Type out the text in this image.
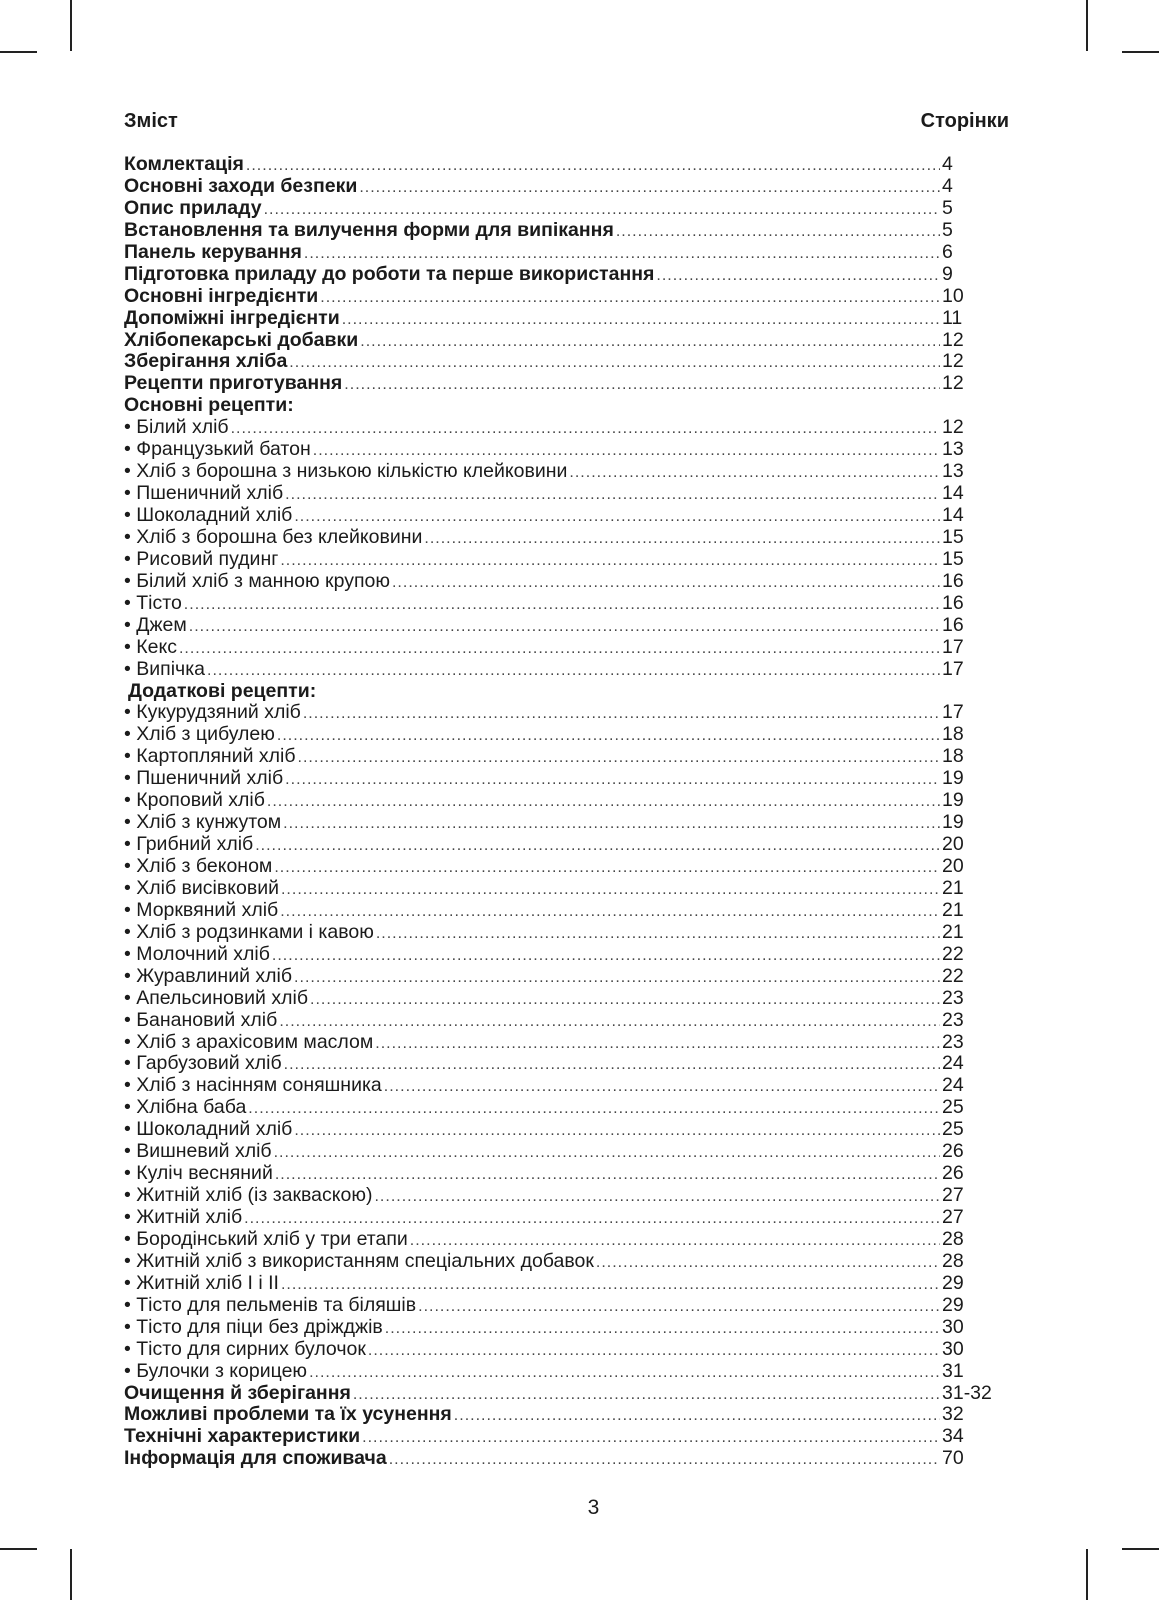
Зміст	Сторінки
Комлектація .....	4
Основні заходи безпеки .....	4
Опис приладу .....	5
Встановлення та вилучення форми для випікання .....	5
Панель керування .....	6
Підготовка приладу до роботи та перше використання .....	9
Основні інгредієнти .....	10
Допоміжні інгредієнти .....	11
Хлібопекарські добавки .....	12
Зберігання хліба .....	12
Рецепти приготування .....	12
Основні рецепти:
• Білий хліб .....	12
• Французький батон .....	13
• Хліб з борошна з низькою кількістю клейковини .....	13
• Пшеничний хліб .....	14
• Шоколадний хліб .....	14
• Хліб з борошна без клейковини .....	15
• Рисовий пудинг .....	15
• Білий хліб з манною крупою .....	16
• Тісто .....	16
• Джем .....	16
• Кекс .....	17
• Випічка .....	17
Додаткові рецепти:
• Кукурудзяний хліб .....	17
• Хліб з цибулею .....	18
• Картопляний хліб .....	18
• Пшеничний хліб .....	19
• Кроповий хліб .....	19
• Хліб з кунжутом .....	19
• Грибний хліб .....	20
• Хліб з беконом .....	20
• Хліб висівковий .....	21
• Морквяний хліб .....	21
• Хліб з родзинками і кавою .....	21
• Молочний хліб .....	22
• Журавлиний хліб .....	22
• Апельсиновий хліб .....	23
• Банановий хліб .....	23
• Хліб з арахісовим маслом .....	23
• Гарбузовий хліб .....	24
• Хліб з насінням соняшника .....	24
• Хлібна баба .....	25
• Шоколадний хліб .....	25
• Вишневий хліб .....	26
• Куліч весняний .....	26
• Житній хліб (із закваскою) .....	27
• Житній хліб .....	27
• Бородінський хліб у три етапи .....	28
• Житній хліб з використанням спеціальних добавок .....	28
• Житній хліб I і II .....	29
• Тісто для пельменів та біляшів .....	29
• Тісто для піци без дріжджів .....	30
• Тісто для сирних булочок .....	30
• Булочки з корицею .....	31
Очищення й зберігання .....	31-32
Можливі проблеми та їх усунення .....	32
Технічні характеристики .....	34
Інформація для споживача .....	70
3
